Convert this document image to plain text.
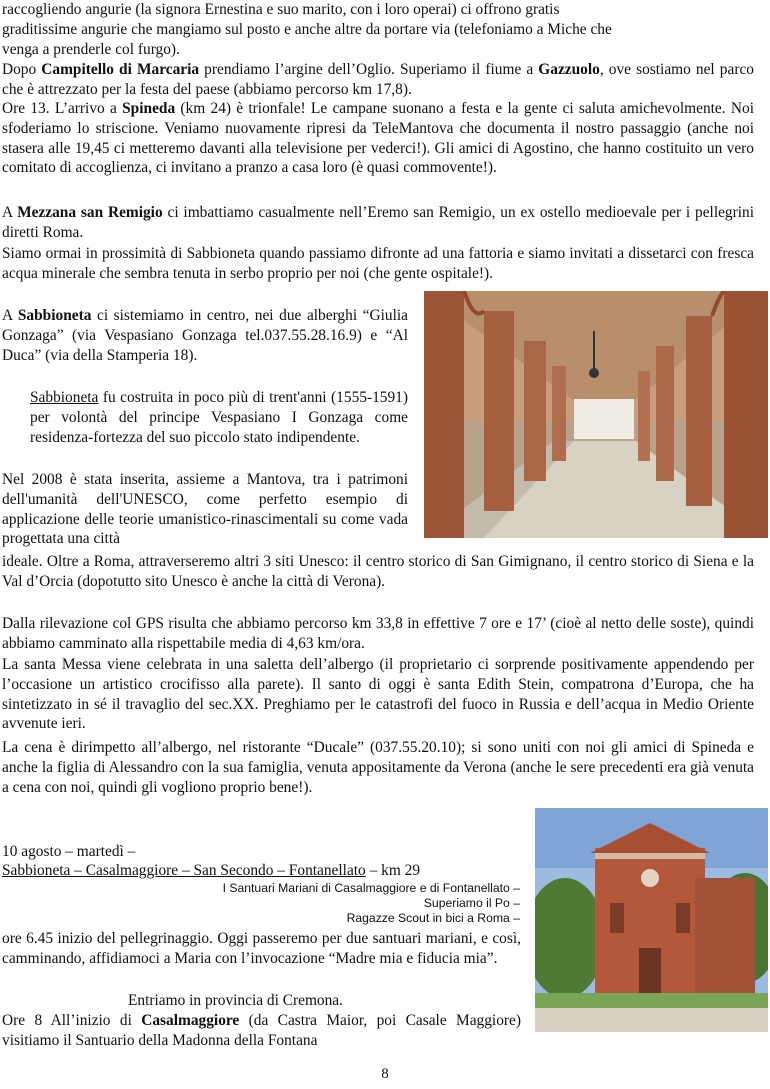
raccogliendo angurie (la signora Ernestina e suo marito, con i loro operai) ci offrono gratis

graditissime angurie che mangiamo sul posto e anche altre da portare via (telefoniamo a Miche che

venga a prenderle col furgo).

Dopo Campitello di Marcaria prendiamo l’argine dell’Oglio. Superiamo il fiume a Gazzuolo, ove sostiamo nel parco che è attrezzato per la festa del paese (abbiamo percorso km 17,8).
Ore 13. L’arrivo a Spineda (km 24) è trionfale! Le campane suonano a festa e la gente ci saluta amichevolmente. Noi sfoderiamo lo striscione. Veniamo nuovamente ripresi da TeleMantova che documenta il nostro passaggio (anche noi stasera alle 19,45 ci metteremo davanti alla televisione per vederci!). Gli amici di Agostino, che hanno costituito un vero comitato di accoglienza, ci invitano a pranzo a casa loro (è quasi commovente!).
A Mezzana san Remigio ci imbattiamo casualmente nell’Eremo san Remigio, un ex ostello medioevale per i pellegrini diretti Roma.
Siamo ormai in prossimità di Sabbioneta quando passiamo difronte ad una fattoria e siamo invitati a dissetarci con fresca acqua minerale che sembra tenuta in serbo proprio per noi (che gente ospitale!).
A Sabbioneta ci sistemiamo in centro, nei due alberghi “Giulia Gonzaga” (via Vespasiano Gonzaga tel.037.55.28.16.9) e “Al Duca” (via della Stamperia 18).
Sabbioneta fu costruita in poco più di trent'anni (1555-1591) per volontà del principe Vespasiano I Gonzaga come residenza-fortezza del suo piccolo stato indipendente.
Nel 2008 è stata inserita, assieme a Mantova, tra i patrimoni dell'umanità dell'UNESCO, come perfetto esempio di applicazione delle teorie umanistico-rinascimentali su come vada progettata una città
ideale. Oltre a Roma, attraverseremo altri 3 siti Unesco: il centro storico di San Gimignano, il centro storico di Siena e la Val d’Orcia (dopotutto sito Unesco è anche la città di Verona).
Dalla rilevazione col GPS risulta che abbiamo percorso km 33,8 in effettive 7 ore e 17’ (cioè al netto delle soste), quindi abbiamo camminato alla rispettabile media di 4,63 km/ora.
La santa Messa viene celebrata in una saletta dell’albergo (il proprietario ci sorprende positivamente appendendo per l’occasione un artistico crocifisso alla parete). Il santo di oggi è santa Edith Stein, compatrona d’Europa, che ha sintetizzato in sé il travaglio del sec.XX. Preghiamo per le catastrofi del fuoco in Russia e dell’acqua in Medio Oriente avvenute ieri.
La cena è dirimpetto all’albergo, nel ristorante “Ducale” (037.55.20.10); si sono uniti con noi gli amici di Spineda e anche la figlia di Alessandro con la sua famiglia, venuta appositamente da Verona (anche le sere precedenti era già venuta a cena con noi, quindi gli vogliono proprio bene!).
10 agosto – martedì –
Sabbioneta – Casalmaggiore – San Secondo – Fontanellato – km 29
I Santuari Mariani di Casalmaggiore e di Fontanellato –
Superiamo il Po –
Ragazze Scout in bici a Roma –
ore 6.45 inizio del pellegrinaggio. Oggi passeremo per due santuari mariani, e così, camminando, affidiamoci a Maria con l’invocazione “Madre mia e fiducia mia”.
Entriamo in provincia di Cremona.
Ore 8 All’inizio di Casalmaggiore (da Castra Maior, poi Casale Maggiore) visitiamo il Santuario della Madonna della Fontana
8
